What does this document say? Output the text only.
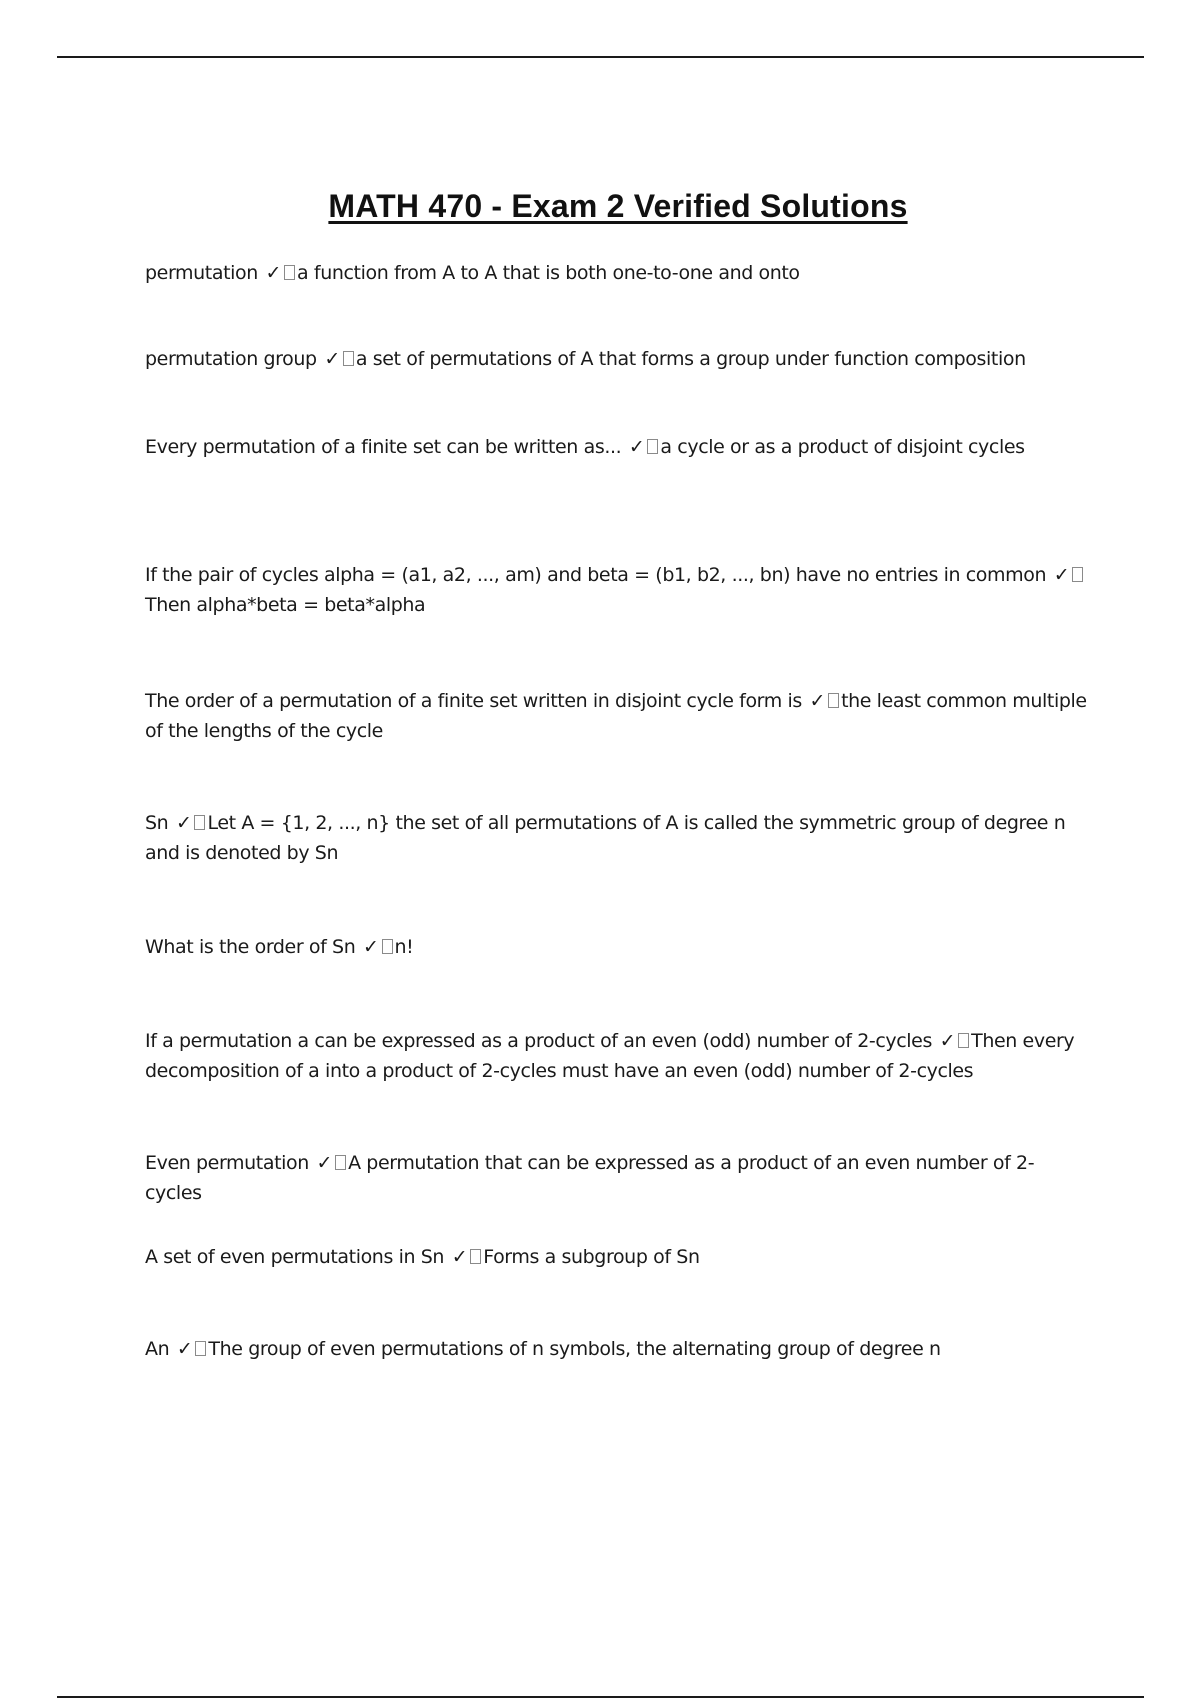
MATH 470 - Exam 2 Verified Solutions

permutation ✓ a function from A to A that is both one-to-one and onto

permutation group ✓ a set of permutations of A that forms a group under function composition

Every permutation of a finite set can be written as... ✓ a cycle or as a product of disjoint cycles

If the pair of cycles alpha = (a1, a2, ..., am) and beta = (b1, b2, ..., bn) have no entries in common ✓Then alpha*beta = beta*alpha

The order of a permutation of a finite set written in disjoint cycle form is ✓ the least common multiple of the lengths of the cycle

Sn ✓ Let A = {1, 2, ..., n} the set of all permutations of A is called the symmetric group of degree n and is denoted by Sn

What is the order of Sn ✓ n!

If a permutation a can be expressed as a product of an even (odd) number of 2-cycles ✓ Then every decomposition of a into a product of 2-cycles must have an even (odd) number of 2-cycles

Even permutation ✓ A permutation that can be expressed as a product of an even number of 2-cycles

A set of even permutations in Sn ✓ Forms a subgroup of Sn

An ✓ The group of even permutations of n symbols, the alternating group of degree n
